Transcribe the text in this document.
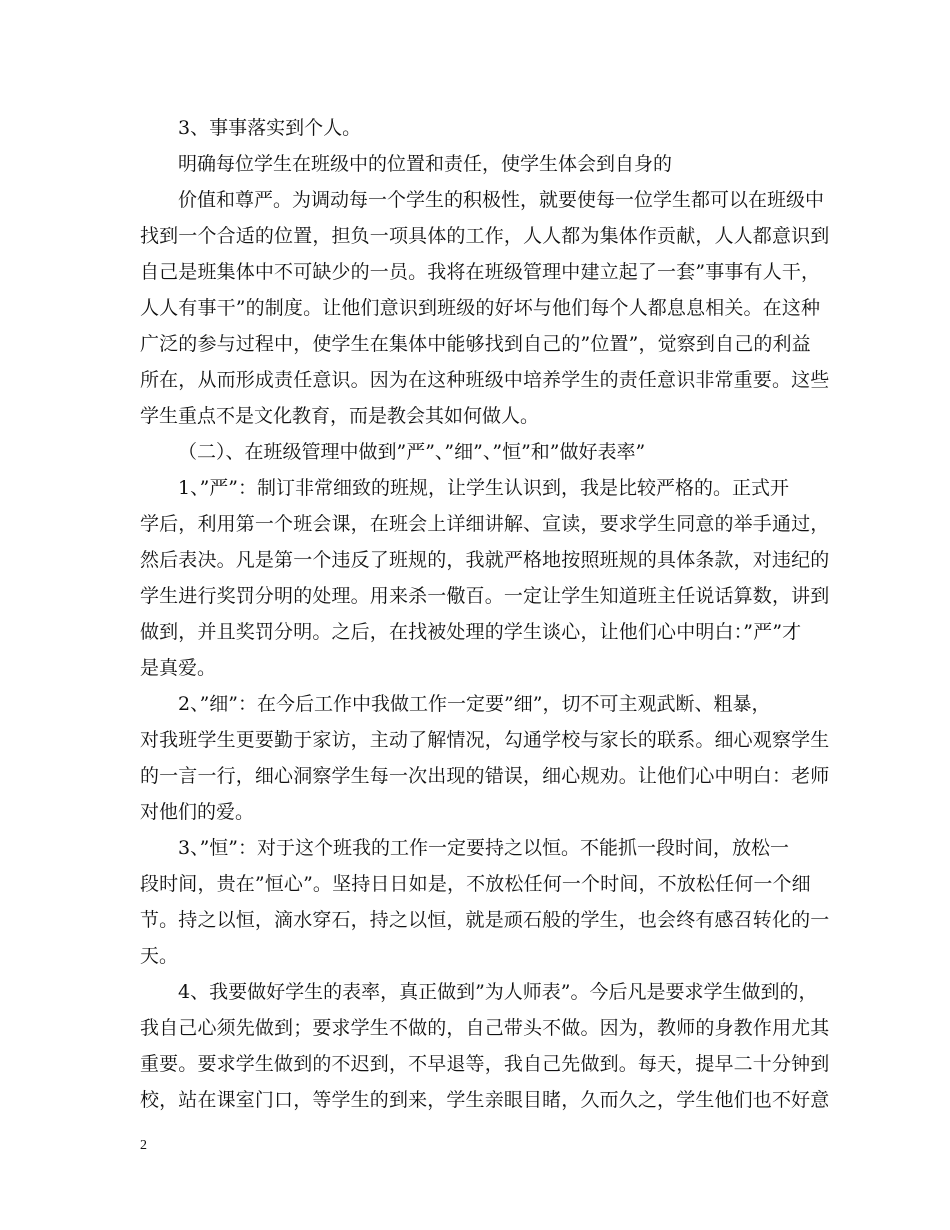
3、事事落实到个人。
明确每位学生在班级中的位置和责任，使学生体会到自身的
价值和尊严。为调动每一个学生的积极性，就要使每一位学生都可以在班级中
找到一个合适的位置，担负一项具体的工作，人人都为集体作贡献，人人都意识到
自己是班集体中不可缺少的一员。我将在班级管理中建立起了一套”事事有人干，
人人有事干”的制度。让他们意识到班级的好坏与他们每个人都息息相关。在这种
广泛的参与过程中，使学生在集体中能够找到自己的”位置”，觉察到自己的利益
所在，从而形成责任意识。因为在这种班级中培养学生的责任意识非常重要。这些
学生重点不是文化教育，而是教会其如何做人。
（二）、在班级管理中做到”严”、”细”、”恒”和”做好表率”
1、”严”：制订非常细致的班规，让学生认识到，我是比较严格的。正式开
学后，利用第一个班会课，在班会上详细讲解、宣读，要求学生同意的举手通过，
然后表决。凡是第一个违反了班规的，我就严格地按照班规的具体条款，对违纪的
学生进行奖罚分明的处理。用来杀一儆百。一定让学生知道班主任说话算数，讲到
做到，并且奖罚分明。之后，在找被处理的学生谈心，让他们心中明白：”严”才
是真爱。
2、”细”：在今后工作中我做工作一定要”细”，切不可主观武断、粗暴，
对我班学生更要勤于家访，主动了解情况，勾通学校与家长的联系。细心观察学生
的一言一行，细心洞察学生每一次出现的错误，细心规劝。让他们心中明白：老师
对他们的爱。
3、”恒”：对于这个班我的工作一定要持之以恒。不能抓一段时间，放松一
段时间，贵在”恒心”。坚持日日如是，不放松任何一个时间，不放松任何一个细
节。持之以恒，滴水穿石，持之以恒，就是顽石般的学生，也会终有感召转化的一
天。
4、我要做好学生的表率，真正做到”为人师表”。今后凡是要求学生做到的，
我自己心须先做到；要求学生不做的，自己带头不做。因为，教师的身教作用尤其
重要。要求学生做到的不迟到，不早退等，我自己先做到。每天，提早二十分钟到
校，站在课室门口，等学生的到来，学生亲眼目睹，久而久之，学生他们也不好意
2
